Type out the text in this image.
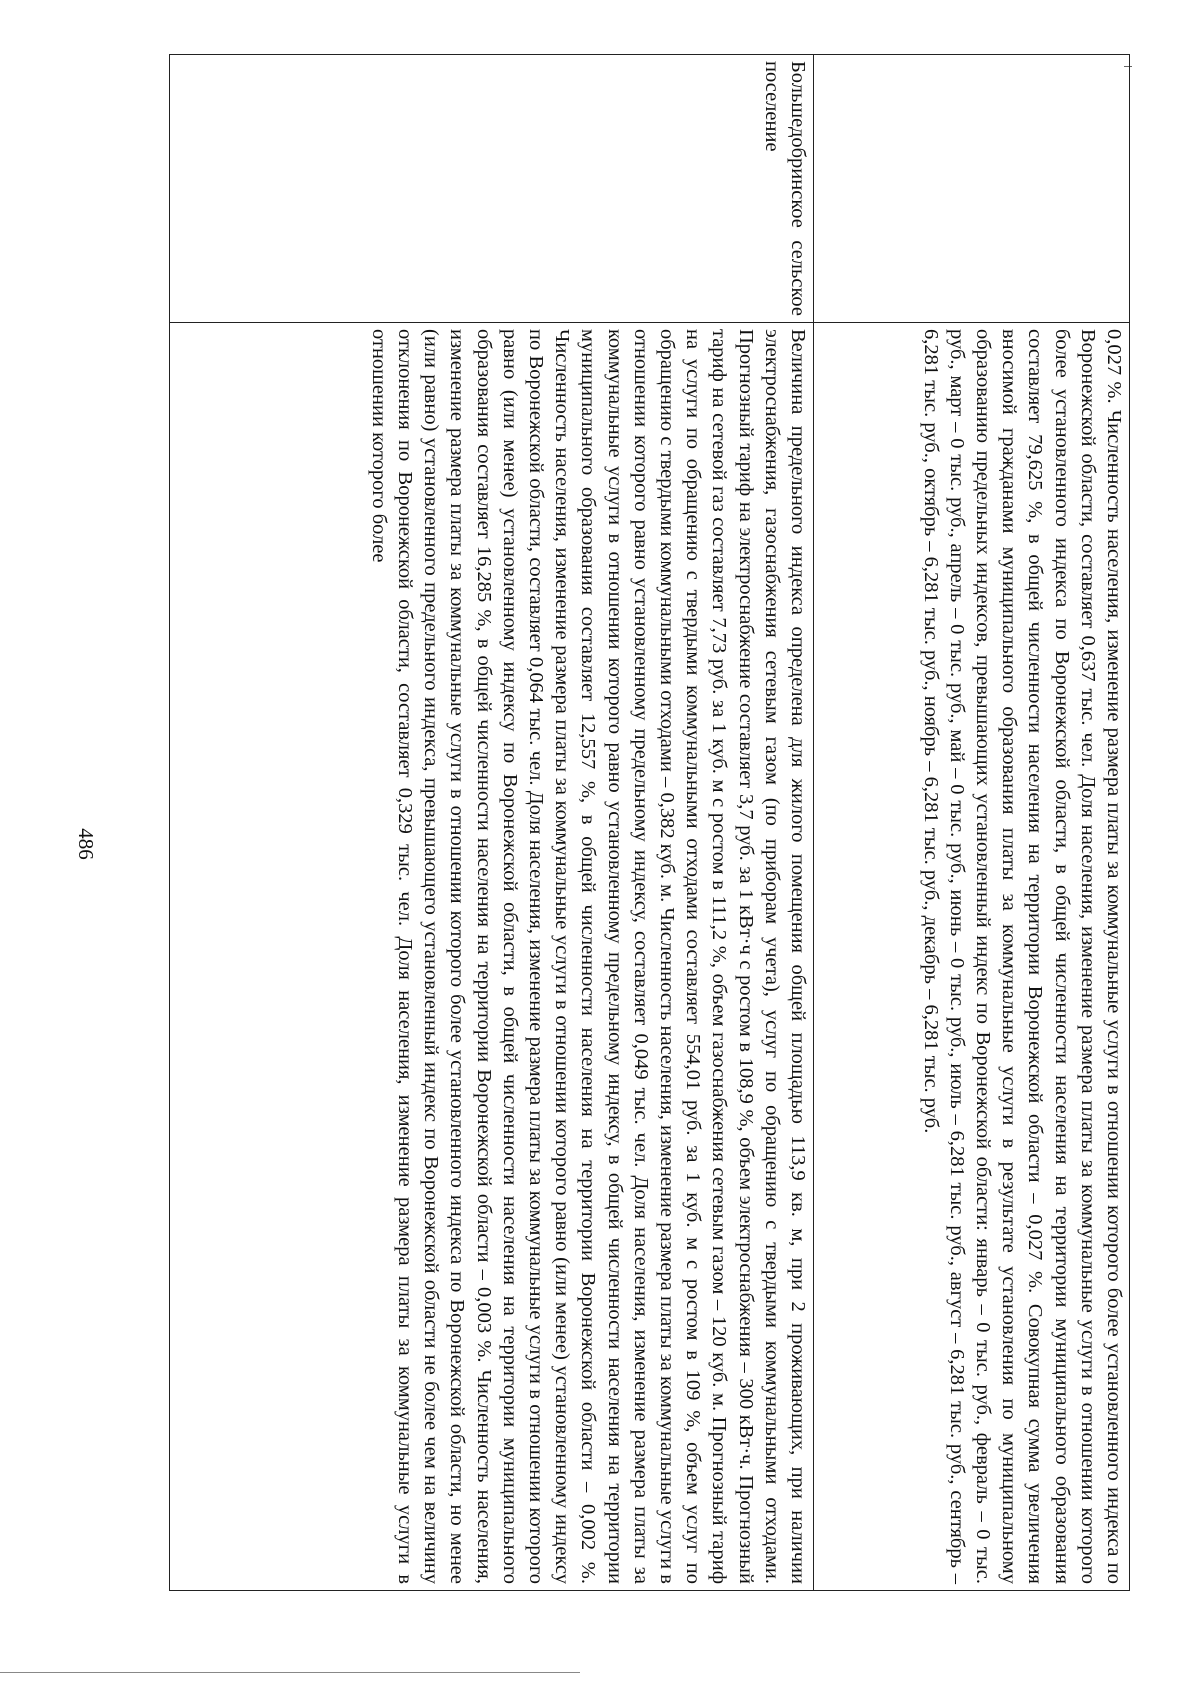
486
		0,027 %. Численность населения, изменение размера платы за коммунальные услуги в отношении которого более установленного индекса по Воронежской области, составляет 0,637 тыс. чел. Доля населения, изменение размера платы за коммунальные услуги в отношении которого более установленного индекса по Воронежской области, в общей численности населения на территории муниципального образования составляет 79,625 %, в общей численности населения на территории Воронежской области – 0,027 %. Совокупная сумма увеличения вносимой гражданами муниципального образования платы за коммунальные услуги в результате установления по муниципальному образованию предельных индексов, превышающих установленный индекс по Воронежской области: январь – 0 тыс. руб., февраль – 0 тыс. руб., март – 0 тыс. руб., апрель – 0 тыс. руб., май – 0 тыс. руб., июнь – 0 тыс. руб., июль – 6,281 тыс. руб., август – 6,281 тыс. руб., сентябрь – 6,281 тыс. руб., октябрь – 6,281 тыс. руб., ноябрь – 6,281 тыс. руб., декабрь – 6,281 тыс. руб.
Большедобринское сельское поселение	Величина предельного индекса определена для жилого помещения общей площадью 113,9 кв. м, при 2 проживающих, при наличии электроснабжения, газоснабжения сетевым газом (по приборам учета), услуг по обращению с твердыми коммунальными отходами. Прогнозный тариф на электроснабжение составляет 3,7 руб. за 1 кВт·ч с ростом в 108,9 %, объем электроснабжения – 300 кВт·ч. Прогнозный тариф на сетевой газ составляет 7,73 руб. за 1 куб. м с ростом в 111,2 %, объем газоснабжения сетевым газом – 120 куб. м. Прогнозный тариф на услуги по обращению с твердыми коммунальными отходами составляет 554,01 руб. за 1 куб. м с ростом в 109 %, объем услуг по обращению с твердыми коммунальными отходами – 0,382 куб. м. Численность населения, изменение размера платы за коммунальные услуги в отношении которого равно установленному предельному индексу, составляет 0,049 тыс. чел. Доля населения, изменение размера платы за коммунальные услуги в отношении которого равно установленному предельному индексу, в общей численности населения на территории муниципального образования составляет 12,557 %, в общей численности населения на территории Воронежской области – 0,002 %. Численность населения, изменение размера платы за коммунальные услуги в отношении которого равно (или менее) установленному индексу по Воронежской области, составляет 0,064 тыс. чел. Доля населения, изменение размера платы за коммунальные услуги в отношении которого равно (или менее) установленному индексу по Воронежской области, в общей численности населения на территории муниципального образования составляет 16,285 %, в общей численности населения на территории Воронежской области – 0,003 %. Численность населения, изменение размера платы за коммунальные услуги в отношении которого более установленного индекса по Воронежской области, но менее (или равно) установленного предельного индекса, превышающего установленный индекс по Воронежской области не более чем на величину отклонения по Воронежской области, составляет 0,329 тыс. чел. Доля населения, изменение размера платы за коммунальные услуги в отношении которого более
